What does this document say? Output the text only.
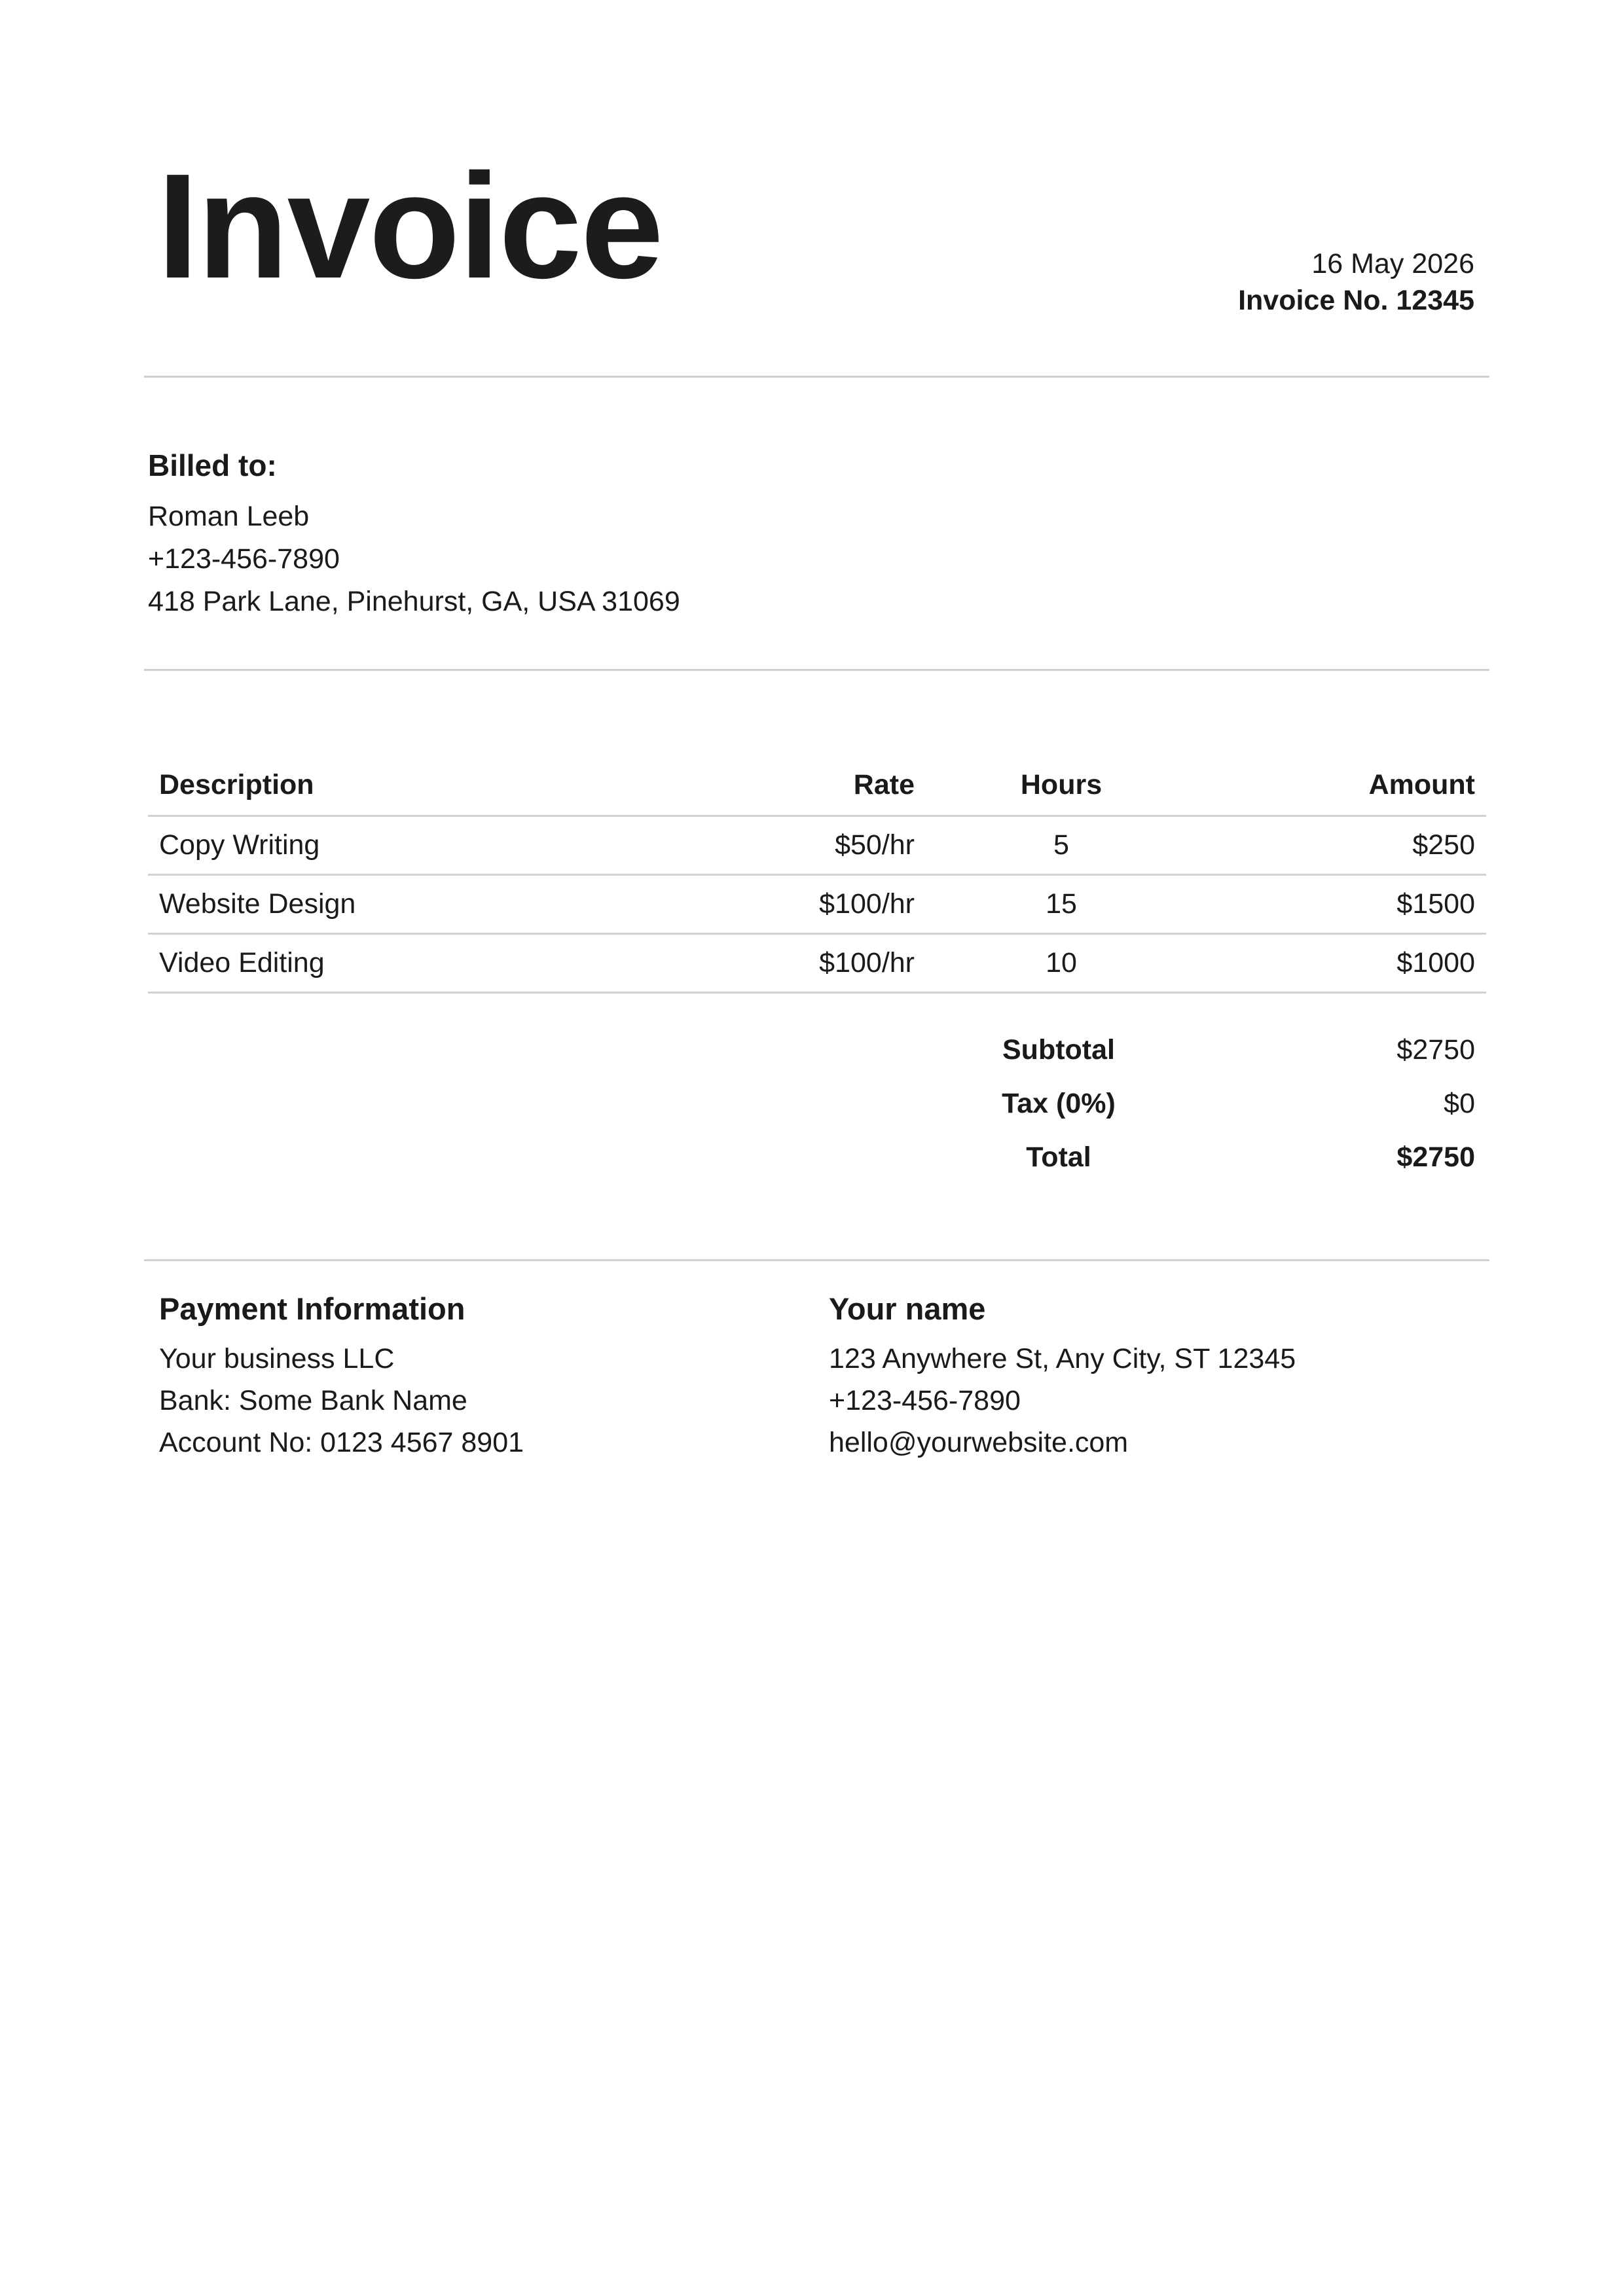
Invoice	16 May 2026
Invoice No. 12345
Billed to:
Roman Leeb
+123-456-7890
418 Park Lane, Pinehurst, GA, USA 31069
Description	Rate	Hours	Amount
Copy Writing	$50/hr	5	$250
Website Design	$100/hr	15	$1500
Video Editing	$100/hr	10	$1000
Subtotal	$2750
Tax (0%)	$0
Total	$2750
Payment Information
Your business LLC
Bank: Some Bank Name
Account No: 0123 4567 8901
Your name
123 Anywhere St, Any City, ST 12345
+123-456-7890
hello@yourwebsite.com
